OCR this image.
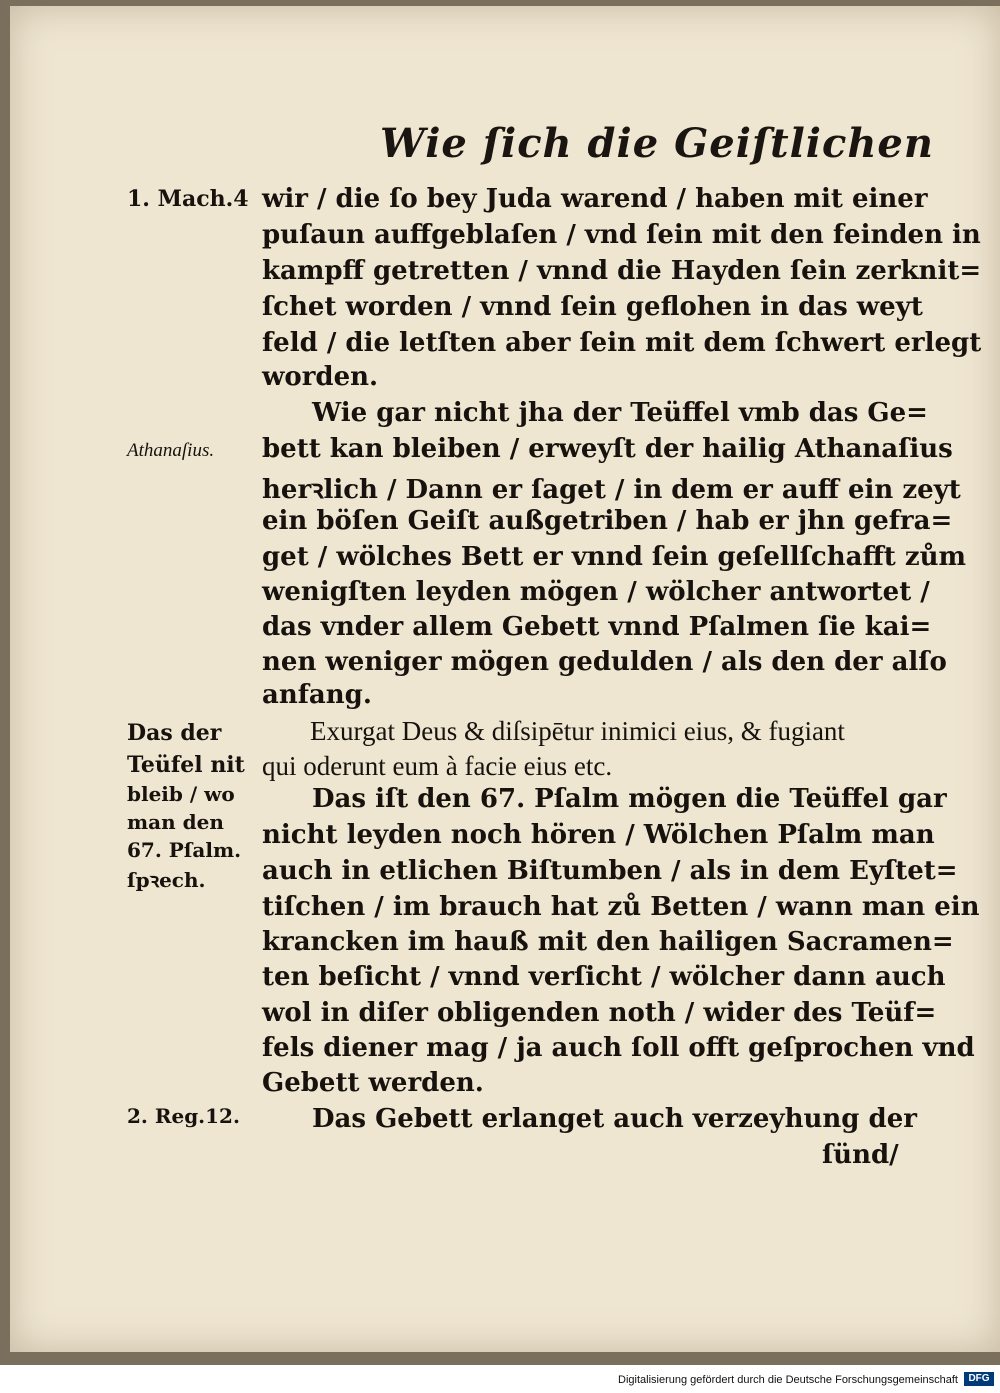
Wie ſich die Geiſtlichen
wir / die ſo bey Juda warend / haben mit einer
puſaun auffgeblaſen / vnd ſein mit den feinden in
kampff getretten / vnnd die Hayden ſein zerknit=
ſchet worden / vnnd ſein geflohen in das weyt
feld / die letſten aber ſein mit dem ſchwert erlegt
worden.
Wie gar nicht jha der Teüffel vmb das Ge=
bett kan bleiben / erweyſt der hailig Athanaſius
herꝛlich / Dann er ſaget / in dem er auff ein zeyt
ein böſen Geiſt außgetriben / hab er jhn gefra=
get / wölches Bett er vnnd ſein geſellſchafft zům
wenigſten leyden mögen / wölcher antwortet /
das vnder allem Gebett vnnd Pſalmen ſie kai=
nen weniger mögen gedulden / als den der alſo
anfang.
Exurgat Deus & diſsipētur inimici eius, & fugiant
qui oderunt eum à facie eius etc.
Das iſt den 67. Pſalm mögen die Teüffel gar
nicht leyden noch hören / Wölchen Pſalm man
auch in etlichen Biſtumben / als in dem Eyſtet=
tiſchen / im brauch hat zů Betten / wann man ein
krancken im hauß mit den hailigen Sacramen=
ten beſicht / vnnd verſicht / wölcher dann auch
wol in diſer obligenden noth / wider des Teüf=
fels diener mag / ja auch ſoll offt geſprochen vnd
Gebett werden.
Das Gebett erlanget auch verzeyhung der
ſünd/
1. Mach.4
Athanaſius.
Das der
Teüfel nit
bleib / wo
man den
67. Pſalm.
ſpꝛech.
2. Reg.12.
Digitalisierung gefördert durch die Deutsche Forschungsgemeinschaft	DFG
